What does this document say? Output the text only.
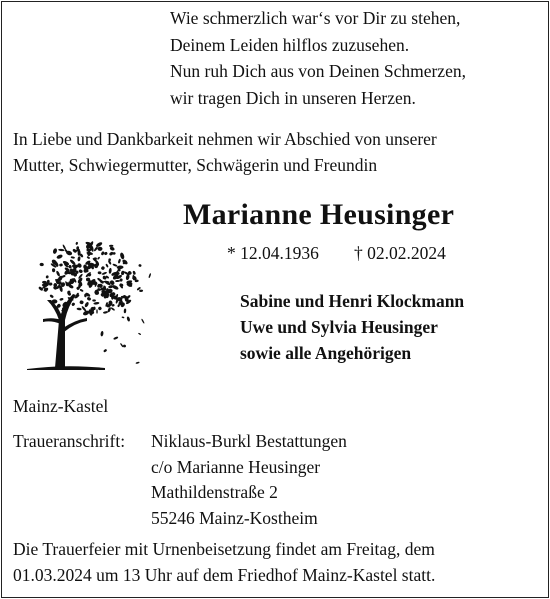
Wie schmerzlich war‘s vor Dir zu stehen,
Deinem Leiden hilflos zuzusehen.
Nun ruh Dich aus von Deinen Schmerzen,
wir tragen Dich in unseren Herzen.
In Liebe und Dankbarkeit nehmen wir Abschied von unserer
Mutter, Schwiegermutter, Schwägerin und Freundin
Marianne Heusinger
* 12.04.1936 † 02.02.2024
Sabine und Henri Klockmann
Uwe und Sylvia Heusinger
sowie alle Angehörigen
Mainz-Kastel
Traueranschrift: Niklaus-Burkl Bestattungen
c/o Marianne Heusinger
Mathildenstraße 2
55246 Mainz-Kostheim
Die Trauerfeier mit Urnenbeisetzung findet am Freitag, dem
01.03.2024 um 13 Uhr auf dem Friedhof Mainz-Kastel statt.
